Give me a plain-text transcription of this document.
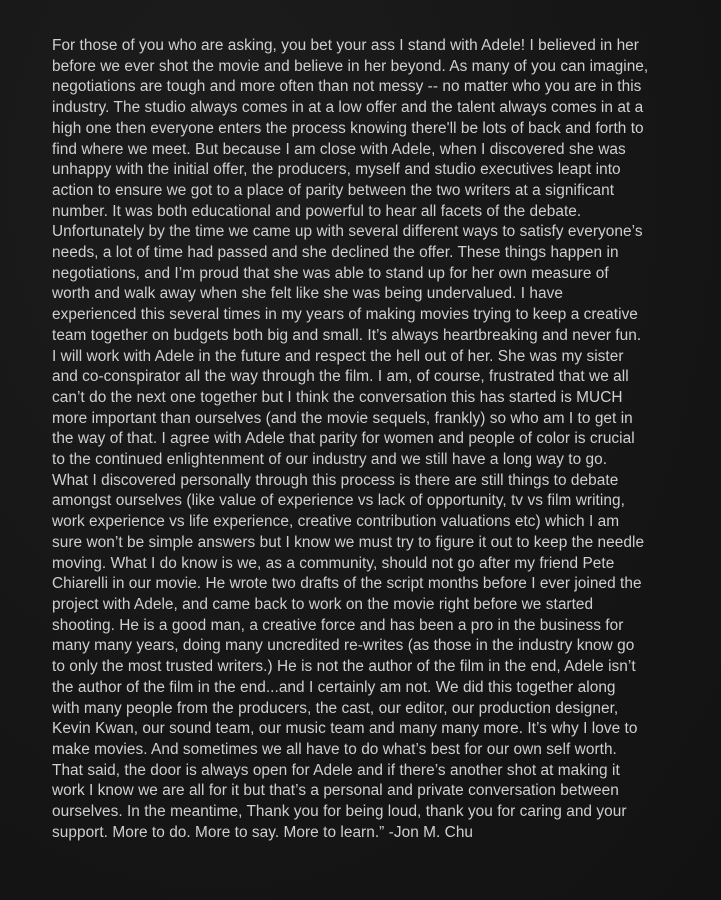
For those of you who are asking, you bet your ass I stand with Adele! I believed in her
before we ever shot the movie and believe in her beyond. As many of you can imagine,
negotiations are tough and more often than not messy -- no matter who you are in this
industry. The studio always comes in at a low offer and the talent always comes in at a
high one then everyone enters the process knowing there'll be lots of back and forth to
find where we meet. But because I am close with Adele, when I discovered she was
unhappy with the initial offer, the producers, myself and studio executives leapt into
action to ensure we got to a place of parity between the two writers at a significant
number. It was both educational and powerful to hear all facets of the debate.
Unfortunately by the time we came up with several different ways to satisfy everyone’s
needs, a lot of time had passed and she declined the offer. These things happen in
negotiations, and I’m proud that she was able to stand up for her own measure of
worth and walk away when she felt like she was being undervalued. I have
experienced this several times in my years of making movies trying to keep a creative
team together on budgets both big and small. It’s always heartbreaking and never fun.
I will work with Adele in the future and respect the hell out of her. She was my sister
and co-conspirator all the way through the film. I am, of course, frustrated that we all
can’t do the next one together but I think the conversation this has started is MUCH
more important than ourselves (and the movie sequels, frankly) so who am I to get in
the way of that. I agree with Adele that parity for women and people of color is crucial
to the continued enlightenment of our industry and we still have a long way to go.
What I discovered personally through this process is there are still things to debate
amongst ourselves (like value of experience vs lack of opportunity, tv vs film writing,
work experience vs life experience, creative contribution valuations etc) which I am
sure won’t be simple answers but I know we must try to figure it out to keep the needle
moving. What I do know is we, as a community, should not go after my friend Pete
Chiarelli in our movie. He wrote two drafts of the script months before I ever joined the
project with Adele, and came back to work on the movie right before we started
shooting. He is a good man, a creative force and has been a pro in the business for
many many years, doing many uncredited re-writes (as those in the industry know go
to only the most trusted writers.) He is not the author of the film in the end, Adele isn’t
the author of the film in the end...and I certainly am not. We did this together along
with many people from the producers, the cast, our editor, our production designer,
Kevin Kwan, our sound team, our music team and many many more. It’s why I love to
make movies. And sometimes we all have to do what’s best for our own self worth.
That said, the door is always open for Adele and if there’s another shot at making it
work I know we are all for it but that’s a personal and private conversation between
ourselves. In the meantime, Thank you for being loud, thank you for caring and your
support. More to do. More to say. More to learn.” -Jon M. Chu
